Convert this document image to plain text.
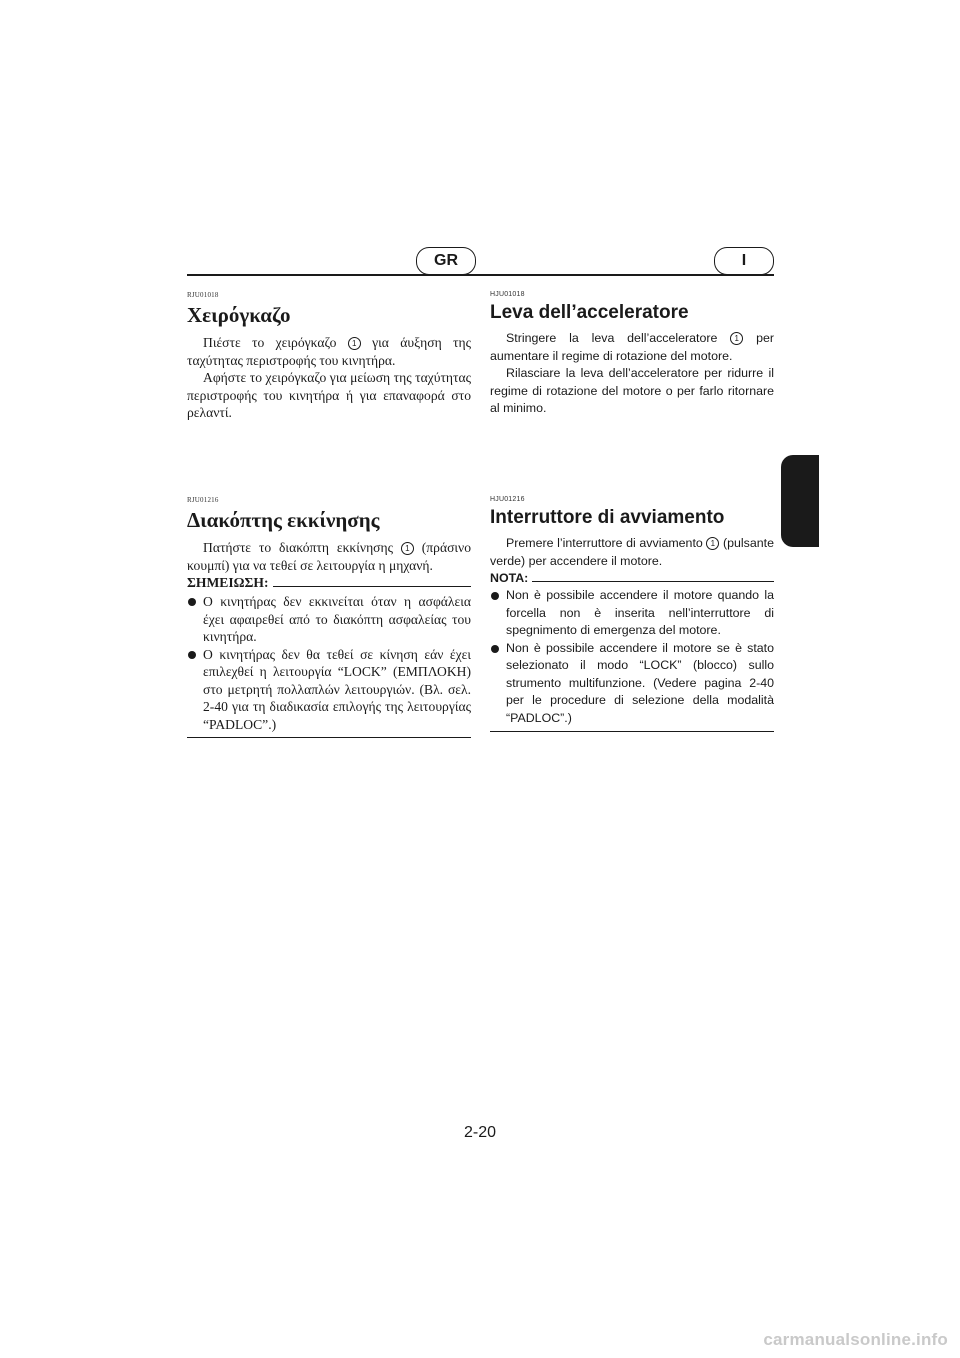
GR	I
RJU01018
Χειρόγκαζο

Πιέστε το χειρόγκαζο 1 για άυξηση της ταχύτητας περιστροφής του κινητήρα.

Αφήστε το χειρόγκαζο για μείωση της ταχύτητας περιστροφής του κινητήρα ή για επαναφορά στο ρελαντί.

HJU01018
Leva dell’acceleratore

Stringere la leva dell’acceleratore 1 per aumentare il regime di rotazione del motore.

Rilasciare la leva dell’acceleratore per ridurre il regime di rotazione del motore o per farlo ritornare al minimo.

RJU01216
Διακόπτης εκκίνησης

Πατήστε το διακόπτη εκκίνησης 1 (πράσινο κουμπί) για να τεθεί σε λειτουργία η μηχανή.

ΣΗΜΕΙΩΣΗ:
Ο κινητήρας δεν εκκινείται όταν η ασφάλεια έχει αφαιρεθεί από το διακόπτη ασφαλείας του κινητήρα.
Ο κινητήρας δεν θα τεθεί σε κίνηση εάν έχει επιλεχθεί η λειτουργία “LOCK” (ΕΜΠΛΟΚΗ) στο μετρητή πολλαπλών λειτουργιών. (Βλ. σελ. 2-40 για τη διαδικασία επιλογής της λειτουργίας “PADLOC”.)
HJU01216
Interruttore di avviamento

Premere l’interruttore di avviamento 1 (pulsante verde) per accendere il motore.

NOTA:
Non è possibile accendere il motore quando la forcella non è inserita nell’interruttore di spegnimento di emergenza del motore.
Non è possibile accendere il motore se è stato selezionato il modo “LOCK” (blocco) sullo strumento multifunzione. (Vedere pagina 2-40 per le procedure di selezione della modalità “PADLOC”.)
2-20
carmanualsonline.info
